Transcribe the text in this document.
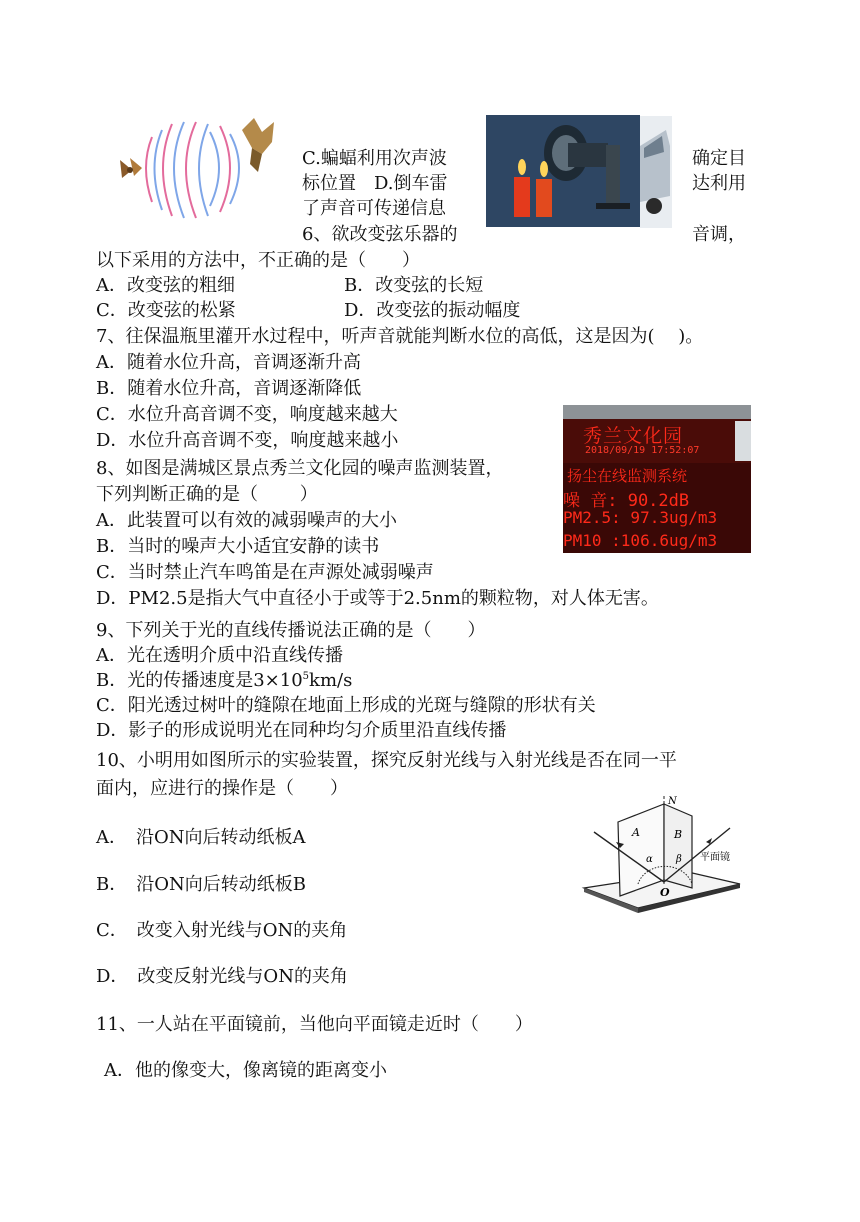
C.蝙蝠利用次声波	确定目
标位置　D.倒车雷	达利用
了声音可传递信息
6、欲改变弦乐器的	音调，
以下采用的方法中，不正确的是（　　）
A．改变弦的粗细	B．改变弦的长短
C．改变弦的松紧	D．改变弦的振动幅度
7、往保温瓶里灌开水过程中，听声音就能判断水位的高低，这是因为(　 )。
A．随着水位升高，音调逐渐升高
B．随着水位升高，音调逐渐降低
C．水位升高音调不变，响度越来越大
D．水位升高音调不变，响度越来越小	秀兰文化园
2018/09/19 17:52:07
扬尘在线监测系统
噪 音: 90.2dB
PM2.5: 97.3ug/m3
PM10 :106.6ug/m3
8、如图是满城区景点秀兰文化园的噪声监测装置，
下列判断正确的是（　　 ）
A．此装置可以有效的减弱噪声的大小
B．当时的噪声大小适宜安静的读书
C．当时禁止汽车鸣笛是在声源处减弱噪声
D．PM2.5是指大气中直径小于或等于2.5nm的颗粒物，对人体无害。
9、下列关于光的直线传播说法正确的是（　　）
A．光在透明介质中沿直线传播
B．光的传播速度是$3\times 10^5km/s$
C．阳光透过树叶的缝隙在地面上形成的光斑与缝隙的形状有关
D．影子的形成说明光在同种均匀介质里沿直线传播
10、小明用如图所示的实验装置，探究反射光线与入射光线是否在同一平
面内，应进行的操作是（　　）
A．　沿ON向后转动纸板A
B．　沿ON向后转动纸板B
C．　改变入射光线与ON的夹角
D．　改变反射光线与ON的夹角
N
A	B
α β
O
平面镜
11、一人站在平面镜前，当他向平面镜走近时（　　）
A．他的像变大，像离镜的距离变小
